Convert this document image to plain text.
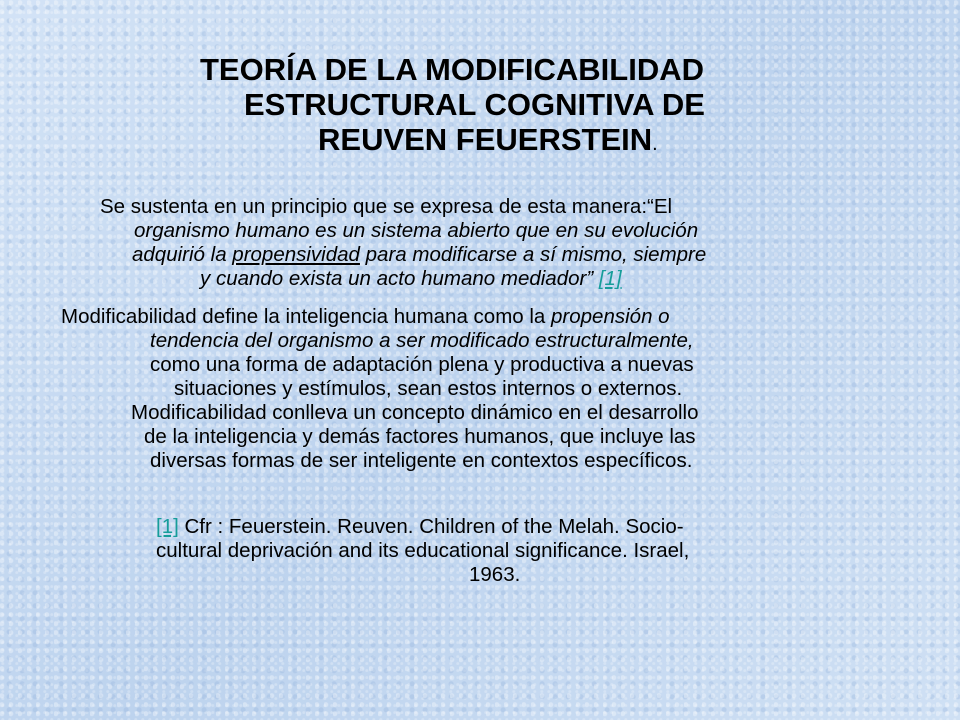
TEORÍA DE LA MODIFICABILIDAD
ESTRUCTURAL COGNITIVA DE
REUVEN FEUERSTEIN.
Se sustenta en un principio que se expresa de esta manera:“El
organismo humano es un sistema abierto que en su evolución
adquirió la propensividad para modificarse a sí mismo, siempre
y cuando exista un acto humano mediador” [1]
Modificabilidad define la inteligencia humana como la propensión o
tendencia del organismo a ser modificado estructuralmente,
como una forma de adaptación plena y productiva a nuevas
situaciones y estímulos, sean estos internos o externos.
Modificabilidad conlleva un concepto dinámico en el desarrollo
de la inteligencia y demás factores humanos, que incluye las
diversas formas de ser inteligente en contextos específicos.
[1] Cfr : Feuerstein. Reuven. Children of the Melah. Socio-
cultural deprivación and its educational significance. Israel,
1963.
